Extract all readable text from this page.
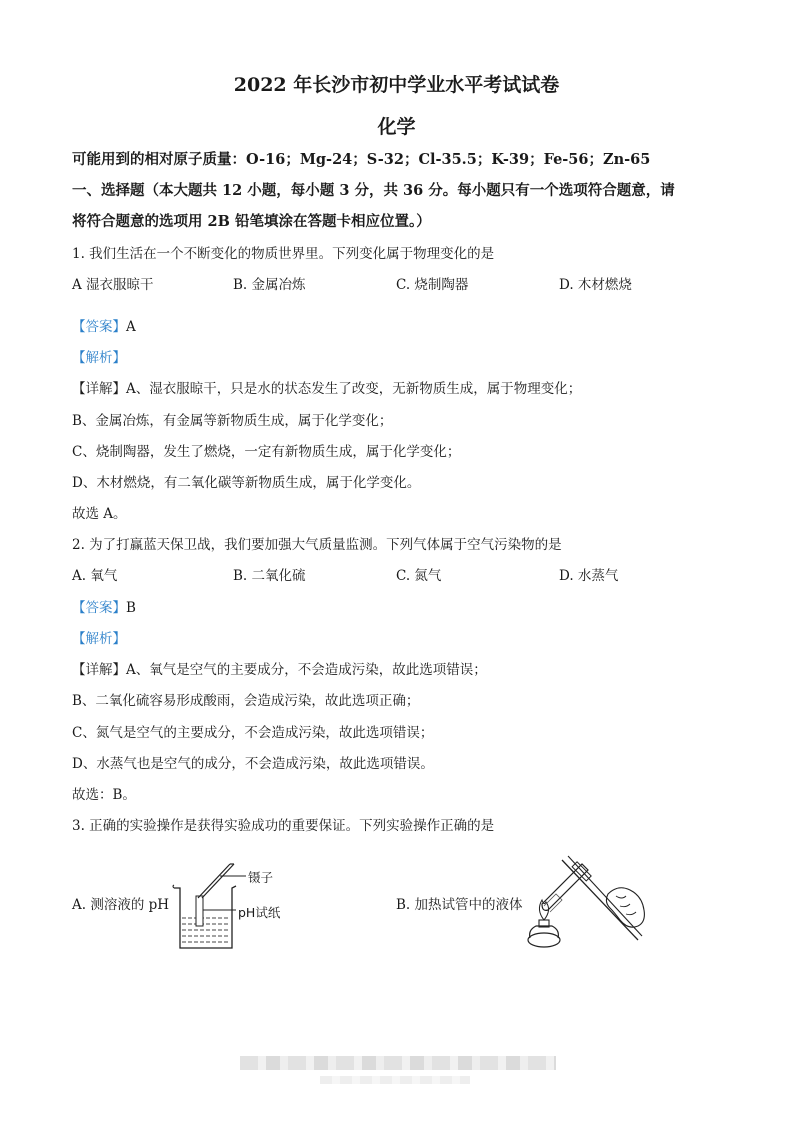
2022 年长沙市初中学业水平考试试卷
化学
可能用到的相对原子质量：O-16；Mg-24；S-32；Cl-35.5；K-39；Fe-56；Zn-65
一、选择题（本大题共 12 小题，每小题 3 分，共 36 分。每小题只有一个选项符合题意，请
将符合题意的选项用 2B 铅笔填涂在答题卡相应位置。）
1. 我们生活在一个不断变化的物质世界里。下列变化属于物理变化的是
A 湿衣服晾干	B. 金属冶炼	C. 烧制陶器	D. 木材燃烧
【答案】A
【解析】
【详解】A、湿衣服晾干，只是水的状态发生了改变，无新物质生成，属于物理变化；
B、金属冶炼，有金属等新物质生成，属于化学变化；
C、烧制陶器，发生了燃烧，一定有新物质生成，属于化学变化；
D、木材燃烧，有二氧化碳等新物质生成，属于化学变化。
故选 A。
2. 为了打赢蓝天保卫战，我们要加强大气质量监测。下列气体属于空气污染物的是
A. 氧气	B. 二氧化硫	C. 氮气	D. 水蒸气
【答案】B
【解析】
【详解】A、氧气是空气的主要成分，不会造成污染，故此选项错误；
B、二氧化硫容易形成酸雨，会造成污染，故此选项正确；
C、氮气是空气的主要成分，不会造成污染，故此选项错误；
D、水蒸气也是空气的成分，不会造成污染，故此选项错误。
故选：B。
3. 正确的实验操作是获得实验成功的重要保证。下列实验操作正确的是
A. 测溶液的 pH
镊子
pH试纸	B. 加热试管中的液体
